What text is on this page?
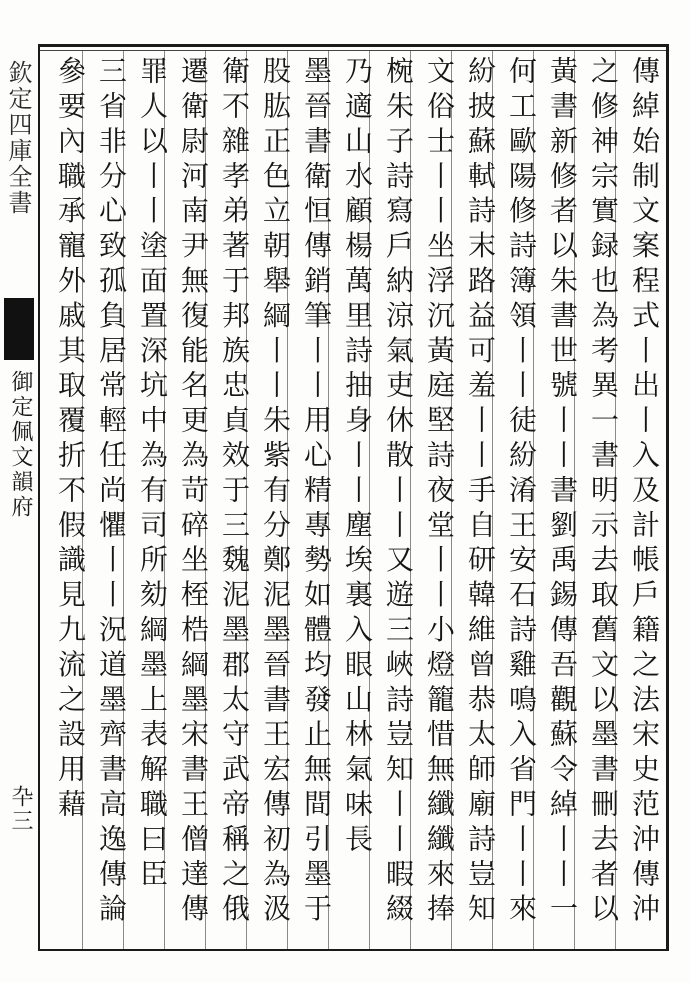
欽定四庫全書
御定佩文韻府
卆三	傳綽始制文案程式丨出丨入及計帳戶籍之法宋史范沖傳沖
之修神宗實録也為考異一書明示去取舊文以墨書刪去者以
黃書新修者以朱書世號丨丨書劉禹錫傳吾觀蘇令綽丨丨一
何工歐陽修詩簿領丨丨徒紛淆王安石詩雞鳴入省門丨丨來
紛披蘇軾詩末路益可羞丨丨手自研韓維曾恭太師廟詩豈知
文俗士丨丨坐浮沉黃庭堅詩夜堂丨丨小燈籠惜無纖纖來捧
椀朱子詩寫戶納涼氣吏休散丨丨又遊三峽詩豈知丨丨暇綴
乃適山水顧楊萬里詩抽身丨丨塵埃裏入眼山林氣味長
墨晉書衛恒傳銷筆丨丨用心精專勢如體均發止無間引墨于
股肱正色立朝舉綱丨丨朱紫有分鄭泥墨晉書王宏傳初為汲
衛不雜孝弟著于邦族忠貞效于三魏泥墨郡太守武帝稱之俄
遷衛尉河南尹無復能名更為苛碎坐桎梏綱墨宋書王僧達傳
罪人以丨丨塗面置深坑中為有司所劾綱墨上表解職曰臣
三省非分心致孤負居常輕任尚懼丨丨況道墨齊書高逸傳論
參要內職承寵外戚其取覆折不假識見九流之設用藉
